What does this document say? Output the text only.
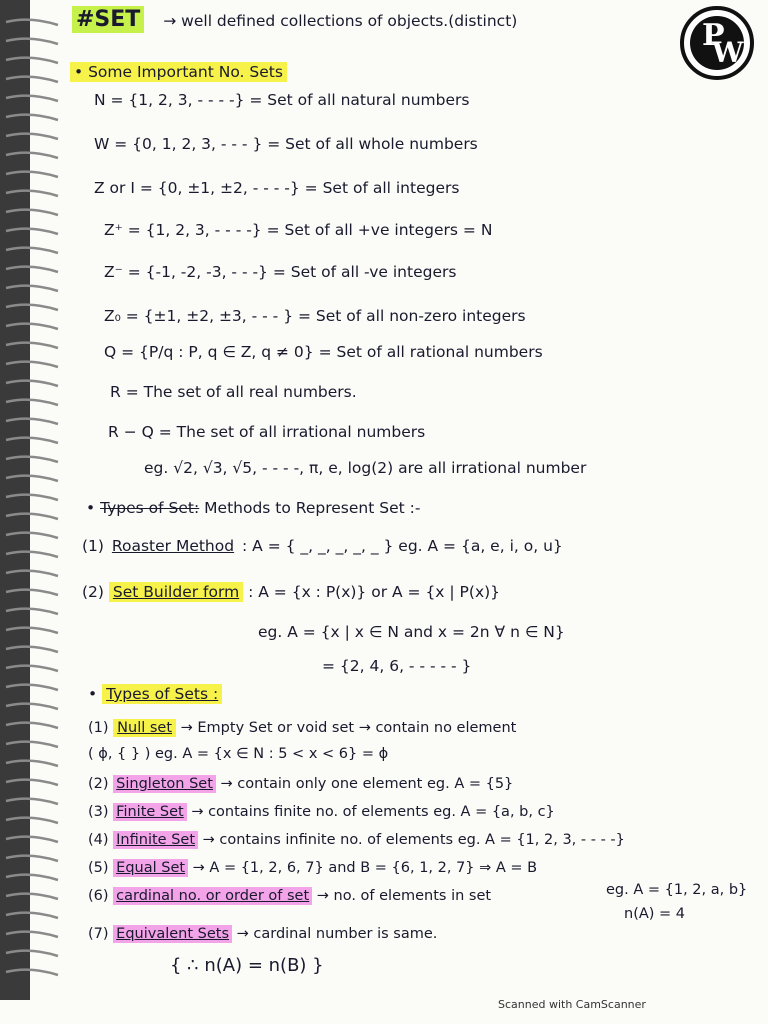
#SET → well defined collections of objects.(distinct)	P
W
• Some Important No. Sets
N = {1, 2, 3, - - - -} = Set of all natural numbers
W = {0, 1, 2, 3, - - - } = Set of all whole numbers
Z or I = {0, ±1, ±2, - - - -} = Set of all integers
Z⁺ = {1, 2, 3, - - - -} = Set of all +ve integers = N
Z⁻ = {-1, -2, -3, - - -} = Set of all -ve integers
Z₀ = {±1, ±2, ±3, - - - } = Set of all non-zero integers
Q = {P/q : P, q ∈ Z, q ≠ 0} = Set of all rational numbers
R = The set of all real numbers.
R − Q = The set of all irrational numbers
eg. √2, √3, √5, - - - -, π, e, log(2) are all irrational number
• Types of Set: Methods to Represent Set :-
(1) Roaster Method : A = { _, _, _, _, _ } eg. A = {a, e, i, o, u}
(2) Set Builder form : A = {x : P(x)} or A = {x | P(x)}
eg. A = {x | x ∈ N and x = 2n ∀ n ∈ N}
= {2, 4, 6, - - - - - }
• Types of Sets :
(1) Null set → Empty Set or void set → contain no element
( ϕ, { } ) eg. A = {x ∈ N : 5 < x < 6} = ϕ
(2) Singleton Set → contain only one element eg. A = {5}
(3) Finite Set → contains finite no. of elements eg. A = {a, b, c}
(4) Infinite Set → contains infinite no. of elements eg. A = {1, 2, 3, - - - -}
(5) Equal Set → A = {1, 2, 6, 7} and B = {6, 1, 2, 7} ⇒ A = B
(6) cardinal no. or order of set → no. of elements in set	eg. A = {1, 2, a, b}
n(A) = 4
(7) Equivalent Sets → cardinal number is same.
{ ∴ n(A) = n(B) }
Scanned with CamScanner
